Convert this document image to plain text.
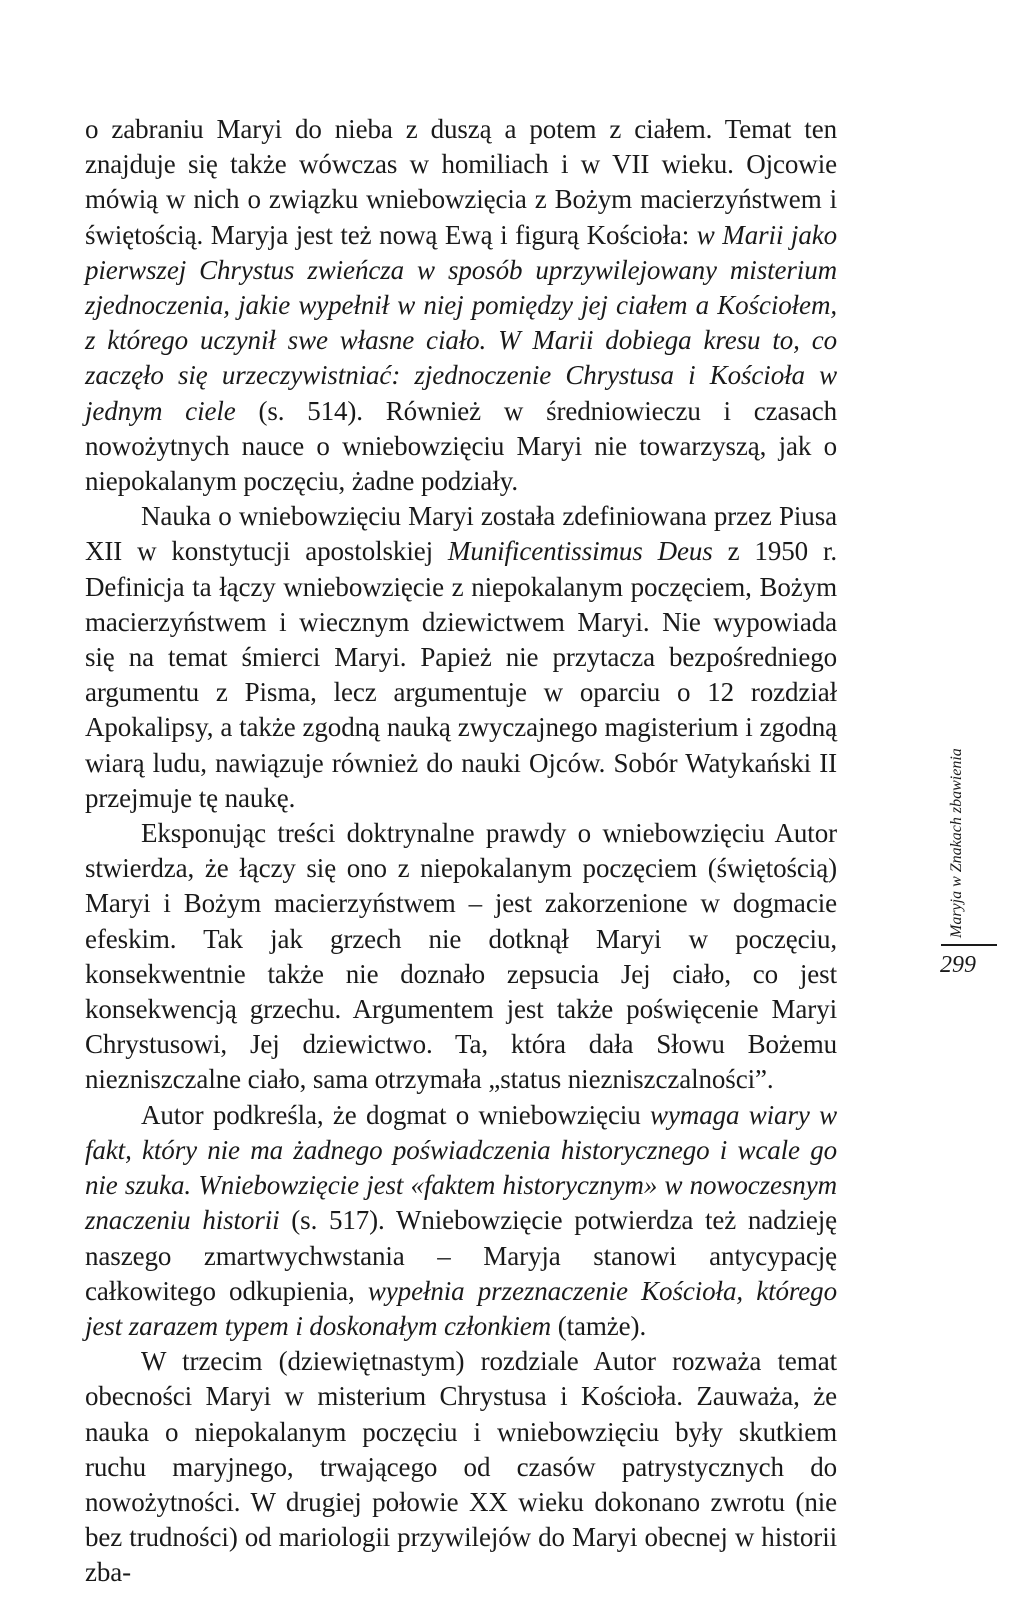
o zabraniu Maryi do nieba z duszą a potem z ciałem. Temat ten znajduje się także wówczas w homiliach i w VII wieku. Ojcowie mówią w nich o związku wniebowzięcia z Bożym macierzyństwem i świętością. Maryja jest też nową Ewą i figurą Kościoła: w Marii jako pierwszej Chrystus zwieńcza w sposób uprzywilejowany misterium zjednoczenia, jakie wypełnił w niej pomiędzy jej ciałem a Kościołem, z którego uczynił swe własne ciało. W Marii dobiega kresu to, co zaczęło się urzeczywistniać: zjednoczenie Chrystusa i Kościoła w jednym ciele (s. 514). Również w średniowieczu i czasach nowożytnych nauce o wniebowzięciu Maryi nie towarzyszą, jak o niepokalanym poczęciu, żadne podziały.

Nauka o wniebowzięciu Maryi została zdefiniowana przez Piusa XII w konstytucji apostolskiej Munificentissimus Deus z 1950 r. Definicja ta łączy wniebowzięcie z niepokalanym poczęciem, Bożym macierzyństwem i wiecznym dziewictwem Maryi. Nie wypowiada się na temat śmierci Maryi. Papież nie przytacza bezpośredniego argumentu z Pisma, lecz argumentuje w oparciu o 12 rozdział Apokalipsy, a także zgodną nauką zwyczajnego magisterium i zgodną wiarą ludu, nawiązuje również do nauki Ojców. Sobór Watykański II przejmuje tę naukę.

Eksponując treści doktrynalne prawdy o wniebowzięciu Autor stwierdza, że łączy się ono z niepokalanym poczęciem (świętością) Maryi i Bożym macierzyństwem – jest zakorzenione w dogmacie efeskim. Tak jak grzech nie dotknął Maryi w poczęciu, konsekwentnie także nie doznało zepsucia Jej ciało, co jest konsekwencją grzechu. Argumentem jest także poświęcenie Maryi Chrystusowi, Jej dziewictwo. Ta, która dała Słowu Bożemu niezniszczalne ciało, sama otrzymała „status niezniszczalności”.

Autor podkreśla, że dogmat o wniebowzięciu wymaga wiary w fakt, który nie ma żadnego poświadczenia historycznego i wcale go nie szuka. Wniebowzięcie jest «faktem historycznym» w nowoczesnym znaczeniu historii (s. 517). Wniebowzięcie potwierdza też nadzieję naszego zmartwychwstania – Maryja stanowi antycypację całkowitego odkupienia, wypełnia przeznaczenie Kościoła, którego jest zarazem typem i doskonałym członkiem (tamże).

W trzecim (dziewiętnastym) rozdziale Autor rozważa temat obecności Maryi w misterium Chrystusa i Kościoła. Zauważa, że nauka o niepokalanym poczęciu i wniebowzięciu były skutkiem ruchu maryjnego, trwającego od czasów patrystycznych do nowożytności. W drugiej połowie XX wieku dokonano zwrotu (nie bez trudności) od mariologii przywilejów do Maryi obecnej w historii zba-

Maryja w Znakach zbawienia
299
